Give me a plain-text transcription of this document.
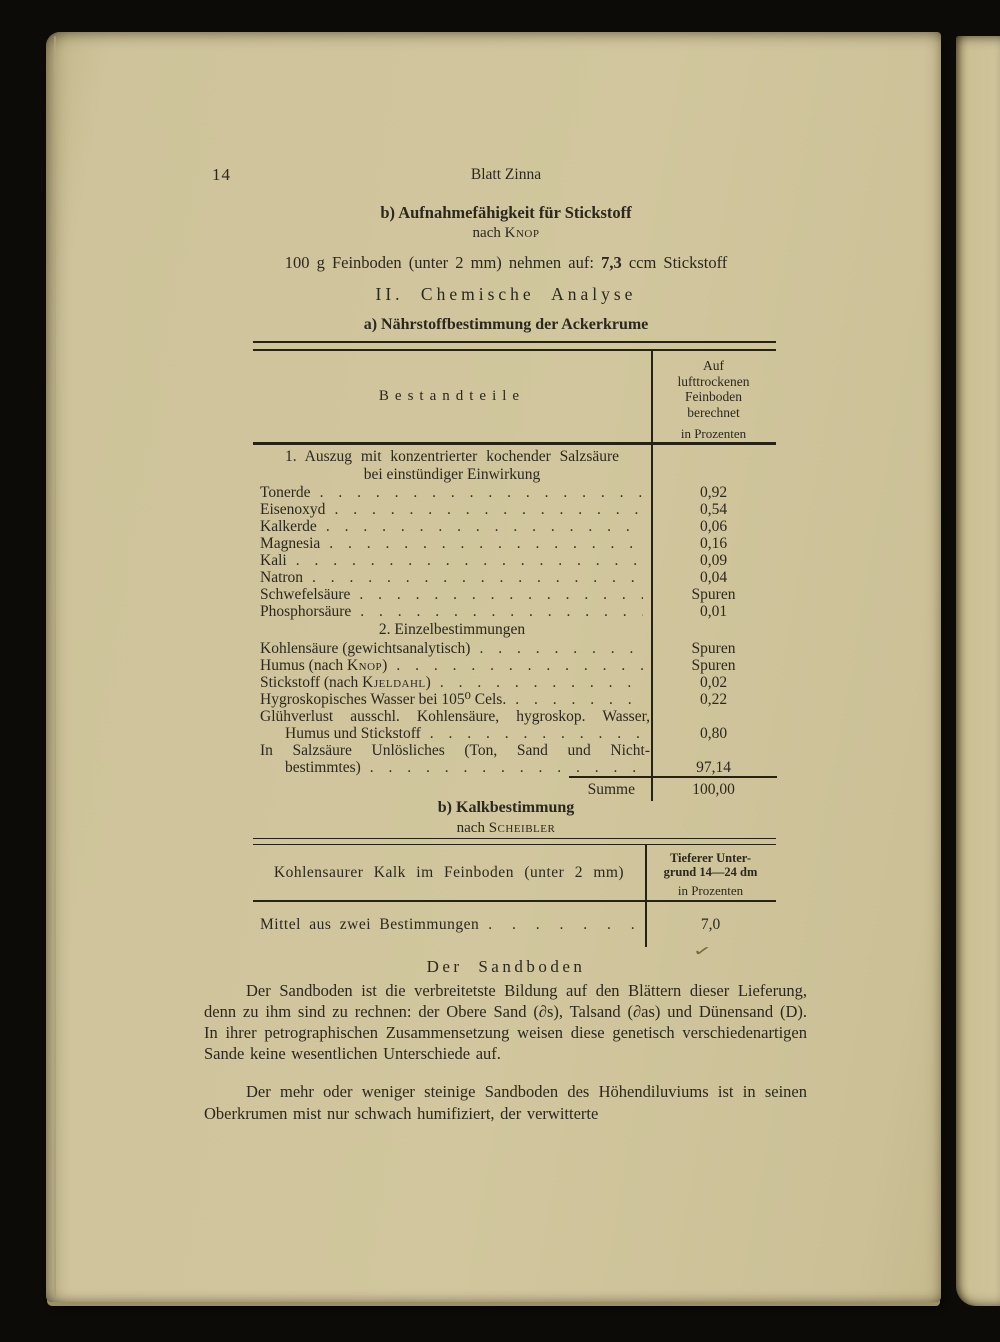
14	Blatt Zinna
b) Aufnahmefähigkeit für Stickstoff
nach Knop
100 g Feinboden (unter 2 mm) nehmen auf: 7,3 ccm Stickstoff
II. Chemische Analyse
a) Nährstoffbestimmung der Ackerkrume
Bestandteile
Auf
lufttrockenen
Feinboden
berechnet
in Prozenten
1. Auszug mit konzentrierter kochender Salzsäure
bei einstündiger Einwirkung
Tonerde . . .	0,92
Eisenoxyd . . .	0,54
Kalkerde . . .	0,06
Magnesia . . .	0,16
Kali . . .	0,09
Natron . . .	0,04
Schwefelsäure . . .	Spuren
Phosphorsäure . . .	0,01
2. Einzelbestimmungen
Kohlensäure (gewichtsanalytisch) . . .	Spuren
Humus (nach Knop) . . .	Spuren
Stickstoff (nach Kjeldahl) . . .	0,02
Hygroskopisches Wasser bei 105⁰ Cels. . . .	0,22
Glühverlust ausschl. Kohlensäure, hygroskop. Wasser,
Humus und Stickstoff . . .	0,80
In Salzsäure Unlösliches (Ton, Sand und Nicht-
bestimmtes) . . .	97,14
Summe	100,00
b) Kalkbestimmung
nach Scheibler
Kohlensaurer Kalk im Feinboden (unter 2 mm)
Tieferer Unter-
grund 14—24 dm
in Prozenten
Mittel aus zwei Bestimmungen . . .	7,0
✓
Der Sandboden
Der Sandboden ist die verbreitetste Bildung auf den Blättern dieser Lieferung, denn zu ihm sind zu rechnen: der Obere Sand (∂s), Talsand (∂as) und Dünensand (D). In ihrer petrographischen Zusammensetzung weisen diese genetisch verschiedenartigen Sande keine wesentlichen Unterschiede auf.
Der mehr oder weniger steinige Sandboden des Höhendiluviums ist in seinen Oberkrumen mist nur schwach humifiziert, der verwitterte
